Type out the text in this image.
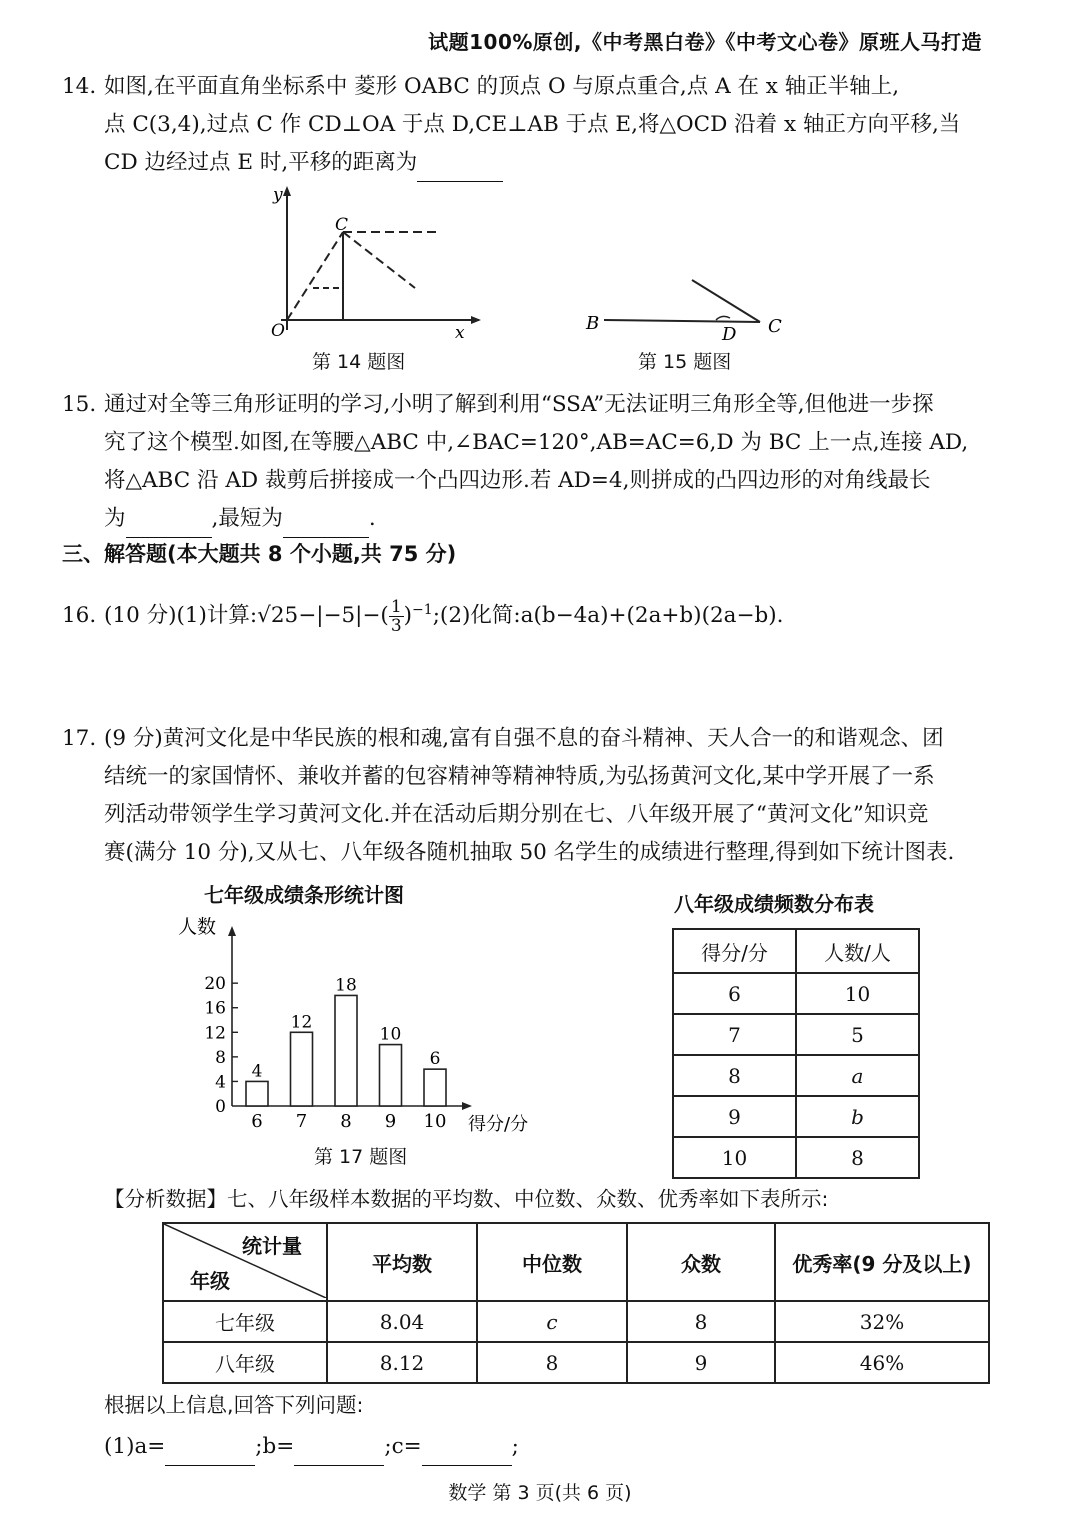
试题100%原创,《中考黑白卷》《中考文心卷》原班人马打造

14. 如图,在平面直角坐标系中 菱形 OABC 的顶点 O 与原点重合,点 A 在 x 轴正半轴上,

点 C(3,4),过点 C 作 CD⊥OA 于点 D,CE⊥AB 于点 E,将△OCD 沿着 x 轴正方向平移,当

CD 边经过点 E 时,平移的距离为

y
x
O
C
第 14 题图
B
D C
第 15 题图

15. 通过对全等三角形证明的学习,小明了解到利用“SSA”无法证明三角形全等,但他进一步探

究了这个模型.如图,在等腰△ABC 中,∠BAC=120°,AB=AC=6,D 为 BC 上一点,连接 AD,

将△ABC 沿 AD 裁剪后拼接成一个凸四边形.若 AD=4,则拼成的凸四边形的对角线最长

为	,最短为	.

三、解答题(本大题共 8 个小题,共 75 分)

16. (10 分)(1)计算:√25−|−5|−( $\frac{1}{3}$ )$^{-1}$;(2)化简:a(b−4a)+(2a+b)(2a−b).

17. (9 分)黄河文化是中华民族的根和魂,富有自强不息的奋斗精神、天人合一的和谐观念、团

结统一的家国情怀、兼收并蓄的包容精神等精神特质,为弘扬黄河文化,某中学开展了一系

列活动带领学生学习黄河文化.并在活动后期分别在七、八年级开展了“黄河文化”知识竞

赛(满分 10 分),又从七、八年级各随机抽取 50 名学生的成绩进行整理,得到如下统计图表.

七年级成绩条形统计图
人数
得分/分
0
4
8
12
16
20
4
6
12
7
18
8
10
9
6
10
第 17 题图
八年级成绩频数分布表
得分/分	人数/人
6	10
7	5
8	a
9	b
10	8
【分析数据】七、八年级样本数据的平均数、中位数、众数、优秀率如下表所示:
统计量
年级	平均数	中位数	众数	优秀率(9 分及以上)
七年级	8.04	c	8	32%
八年级	8.12	8	9	46%
根据以上信息,回答下列问题:
(1)a=	;b=	;c=	;
数学 第 3 页(共 6 页)
